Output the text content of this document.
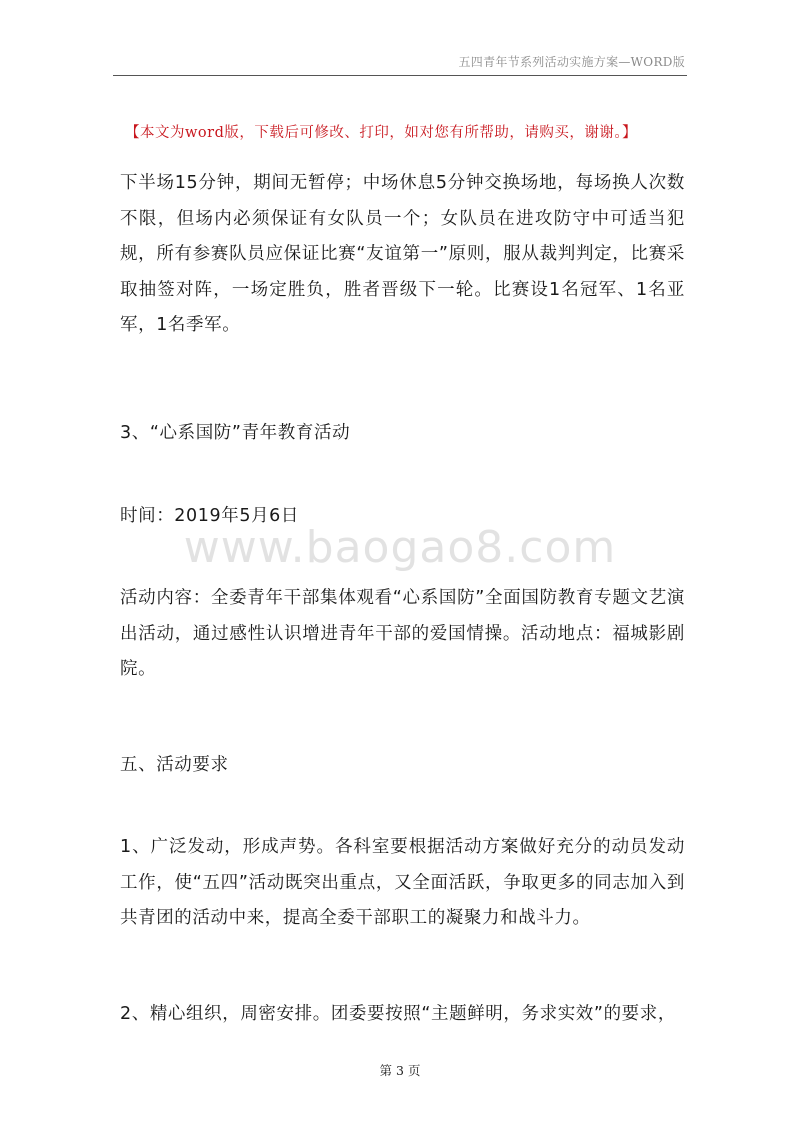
五四青年节系列活动实施方案—WORD版
【本文为word版，下载后可修改、打印，如对您有所帮助，请购买，谢谢。】

下半场15分钟，期间无暂停；中场休息5分钟交换场地，每场换人次数不限，但场内必须保证有女队员一个；女队员在进攻防守中可适当犯规，所有参赛队员应保证比赛“友谊第一”原则，服从裁判判定，比赛采取抽签对阵，一场定胜负，胜者晋级下一轮。比赛设1名冠军、1名亚军，1名季军。

3、“心系国防”青年教育活动

时间：2019年5月6日

www.baogao8.com

活动内容：全委青年干部集体观看“心系国防”全面国防教育专题文艺演出活动，通过感性认识增进青年干部的爱国情操。活动地点：福城影剧院。

五、活动要求

1、广泛发动，形成声势。各科室要根据活动方案做好充分的动员发动工作，使“五四”活动既突出重点，又全面活跃，争取更多的同志加入到共青团的活动中来，提高全委干部职工的凝聚力和战斗力。

2、精心组织，周密安排。团委要按照“主题鲜明，务求实效”的要求，

第 3 页
